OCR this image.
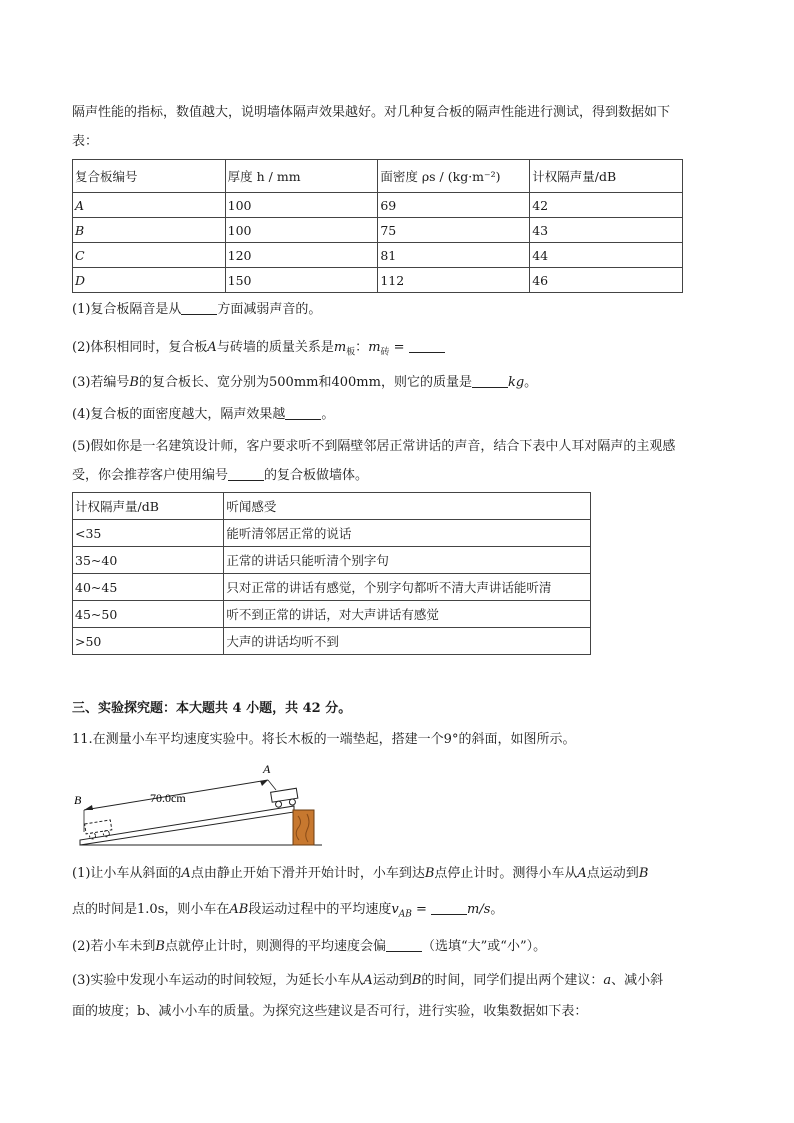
隔声性能的指标，数值越大，说明墙体隔声效果越好。对几种复合板的隔声性能进行测试，得到数据如下
表：
复合板编号	厚度 h / mm	面密度 ρs / (kg·m⁻²)	计权隔声量/dB
A	100	69	42
B	100	75	43
C	120	81	44
D	150	112	46
(1)复合板隔音是从	方面减弱声音的。
(2)体积相同时，复合板A与砖墙的质量关系是$m_板$：$m_砖$ =
(3)若编号B的复合板长、宽分别为500mm和400mm，则它的质量是	kg。
(4)复合板的面密度越大，隔声效果越	。
(5)假如你是一名建筑设计师，客户要求听不到隔壁邻居正常讲话的声音，结合下表中人耳对隔声的主观感
受，你会推荐客户使用编号	的复合板做墙体。
计权隔声量/dB	听闻感受
<35	能听清邻居正常的说话
35~40	正常的讲话只能听清个别字句
40~45	只对正常的讲话有感觉，个别字句都听不清大声讲话能听清
45~50	听不到正常的讲话，对大声讲话有感觉
>50	大声的讲话均听不到
三、实验探究题：本大题共 4 小题，共 42 分。
11.在测量小车平均速度实验中。将长木板的一端垫起，搭建一个9°的斜面，如图所示。
B
A
70.0cm
(1)让小车从斜面的A点由静止开始下滑并开始计时，小车到达B点停止计时。测得小车从A点运动到B
点的时间是1.0s，则小车在AB段运动过程中的平均速度$v_{AB}$ =	m/s。
(2)若小车未到B点就停止计时，则测得的平均速度会偏	（选填“大”或“小”）。
(3)实验中发现小车运动的时间较短，为延长小车从A运动到B的时间，同学们提出两个建议：a、减小斜
面的坡度；b、减小小车的质量。为探究这些建议是否可行，进行实验，收集数据如下表：
